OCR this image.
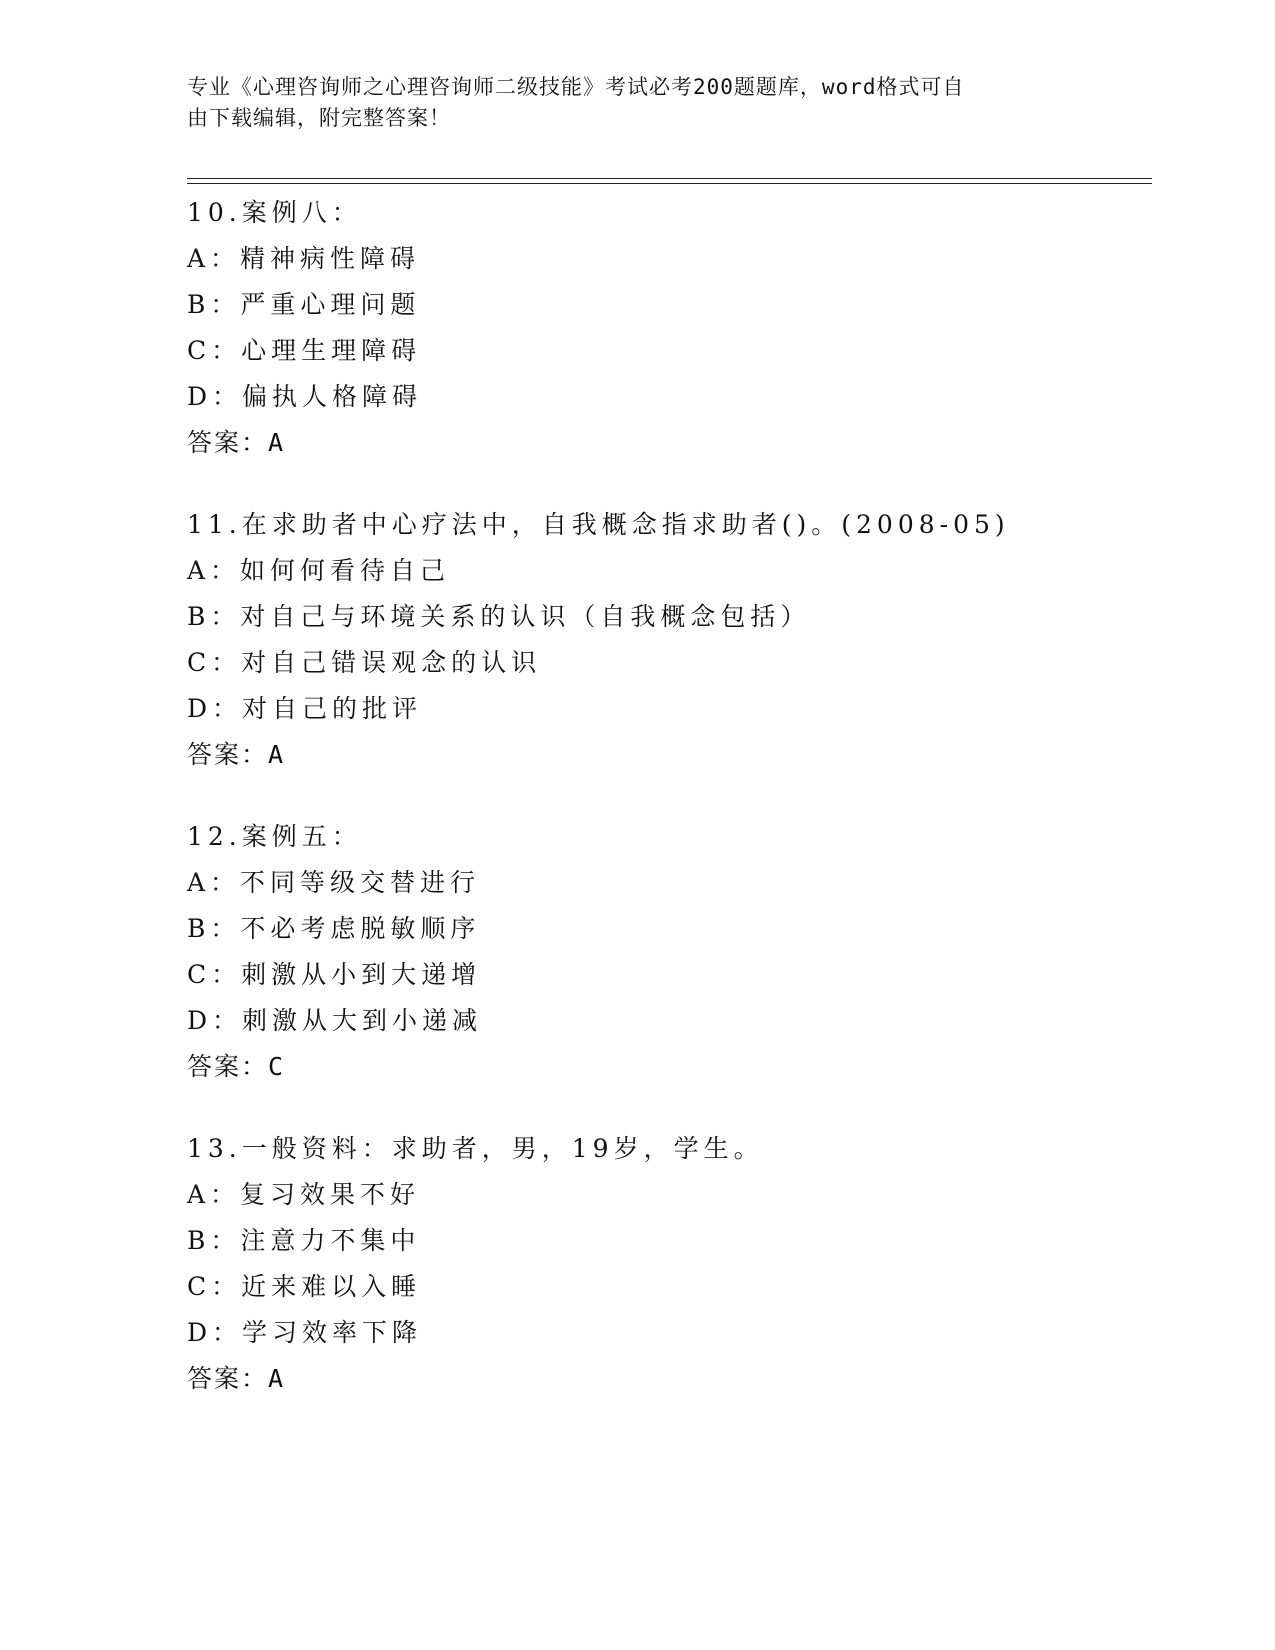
专业《心理咨询师之心理咨询师二级技能》考试必考200题题库，word格式可自
由下载编辑，附完整答案！
10.案例八：
A：精神病性障碍
B：严重心理问题
C：心理生理障碍
D：偏执人格障碍
答案：A
11.在求助者中心疗法中，自我概念指求助者()。(2008-05)
A：如何何看待自己
B：对自己与环境关系的认识（自我概念包括）
C：对自己错误观念的认识
D：对自己的批评
答案：A
12.案例五：
A：不同等级交替进行
B：不必考虑脱敏顺序
C：刺激从小到大递增
D：刺激从大到小递减
答案：C
13.一般资料：求助者，男，19岁，学生。
A：复习效果不好
B：注意力不集中
C：近来难以入睡
D：学习效率下降
答案：A
